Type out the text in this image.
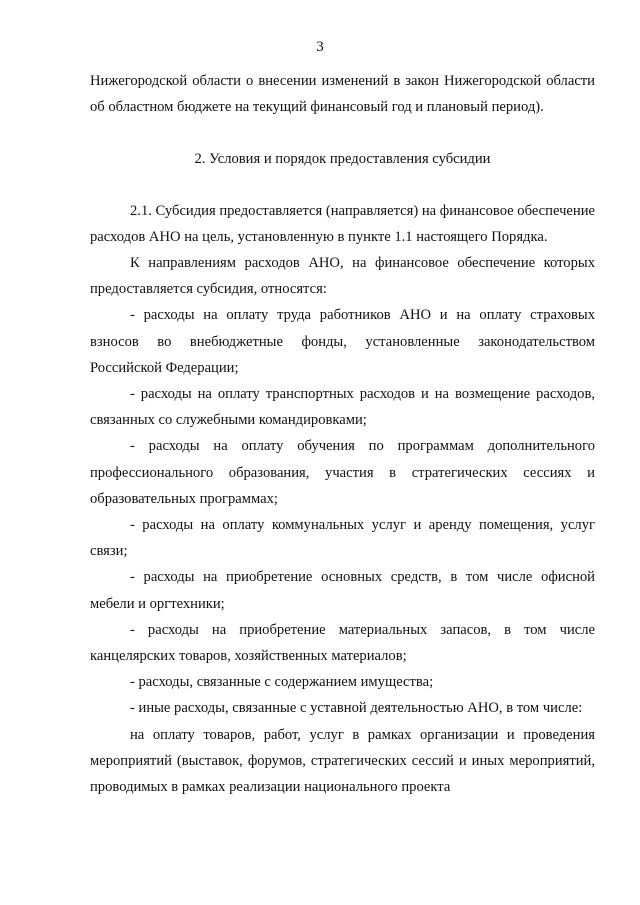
3

Нижегородской области о внесении изменений в закон Нижегородской области об областном бюджете на текущий финансовый год и плановый период).

2. Условия и порядок предоставления субсидии

2.1. Субсидия предоставляется (направляется) на финансовое обеспечение расходов АНО на цель, установленную в пункте 1.1 настоящего Порядка.

К направлениям расходов АНО, на финансовое обеспечение которых предоставляется субсидия, относятся:

- расходы на оплату труда работников АНО и на оплату страховых взносов во внебюджетные фонды, установленные законодательством Российской Федерации;

- расходы на оплату транспортных расходов и на возмещение расходов, связанных со служебными командировками;

- расходы на оплату обучения по программам дополнительного профессионального образования, участия в стратегических сессиях и образовательных программах;

- расходы на оплату коммунальных услуг и аренду помещения, услуг связи;

- расходы на приобретение основных средств, в том числе офисной мебели и оргтехники;

- расходы на приобретение материальных запасов, в том числе канцелярских товаров, хозяйственных материалов;

- расходы, связанные с содержанием имущества;

- иные расходы, связанные с уставной деятельностью АНО, в том числе:

на оплату товаров, работ, услуг в рамках организации и проведения мероприятий (выставок, форумов, стратегических сессий и иных мероприятий, проводимых в рамках реализации национального проекта
